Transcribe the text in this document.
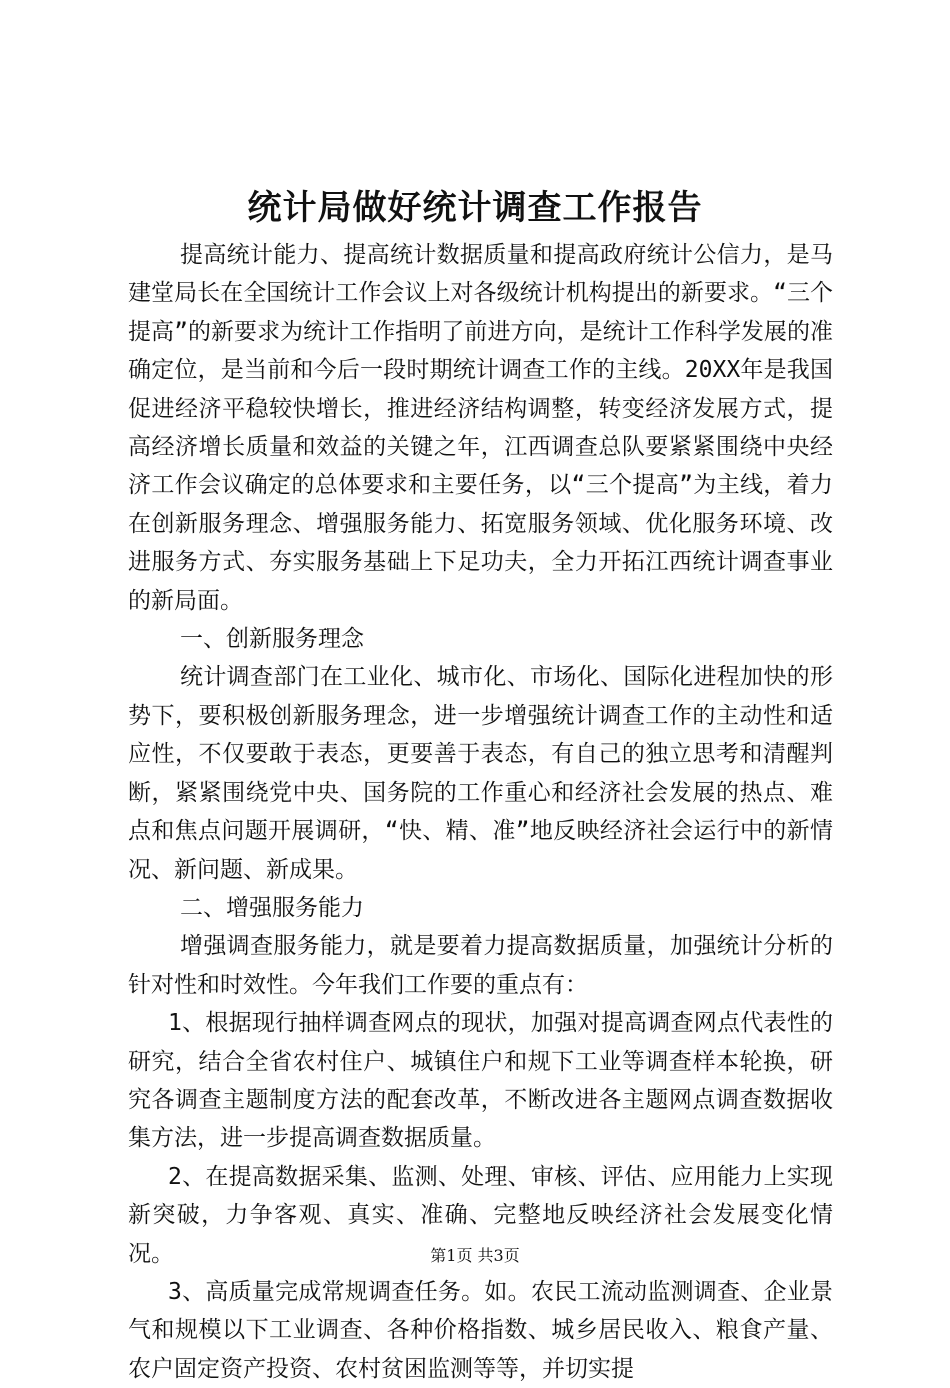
统计局做好统计调查工作报告

提高统计能力、提高统计数据质量和提高政府统计公信力，是马建堂局长在全国统计工作会议上对各级统计机构提出的新要求。“三个提高”的新要求为统计工作指明了前进方向，是统计工作科学发展的准确定位，是当前和今后一段时期统计调查工作的主线。20XX年是我国促进经济平稳较快增长，推进经济结构调整，转变经济发展方式，提高经济增长质量和效益的关键之年，江西调查总队要紧紧围绕中央经济工作会议确定的总体要求和主要任务，以“三个提高”为主线，着力在创新服务理念、增强服务能力、拓宽服务领域、优化服务环境、改进服务方式、夯实服务基础上下足功夫，全力开拓江西统计调查事业的新局面。

一、创新服务理念

统计调查部门在工业化、城市化、市场化、国际化进程加快的形势下，要积极创新服务理念，进一步增强统计调查工作的主动性和适应性，不仅要敢于表态，更要善于表态，有自己的独立思考和清醒判断，紧紧围绕党中央、国务院的工作重心和经济社会发展的热点、难点和焦点问题开展调研，“快、精、准”地反映经济社会运行中的新情况、新问题、新成果。

二、增强服务能力

增强调查服务能力，就是要着力提高数据质量，加强统计分析的针对性和时效性。今年我们工作要的重点有：

1、根据现行抽样调查网点的现状，加强对提高调查网点代表性的研究，结合全省农村住户、城镇住户和规下工业等调查样本轮换，研究各调查主题制度方法的配套改革，不断改进各主题网点调查数据收集方法，进一步提高调查数据质量。

2、在提高数据采集、监测、处理、审核、评估、应用能力上实现新突破，力争客观、真实、准确、完整地反映经济社会发展变化情况。

3、高质量完成常规调查任务。如。农民工流动监测调查、企业景气和规模以下工业调查、各种价格指数、城乡居民收入、粮食产量、农户固定资产投资、农村贫困监测等等，并切实提

第1页 共3页
